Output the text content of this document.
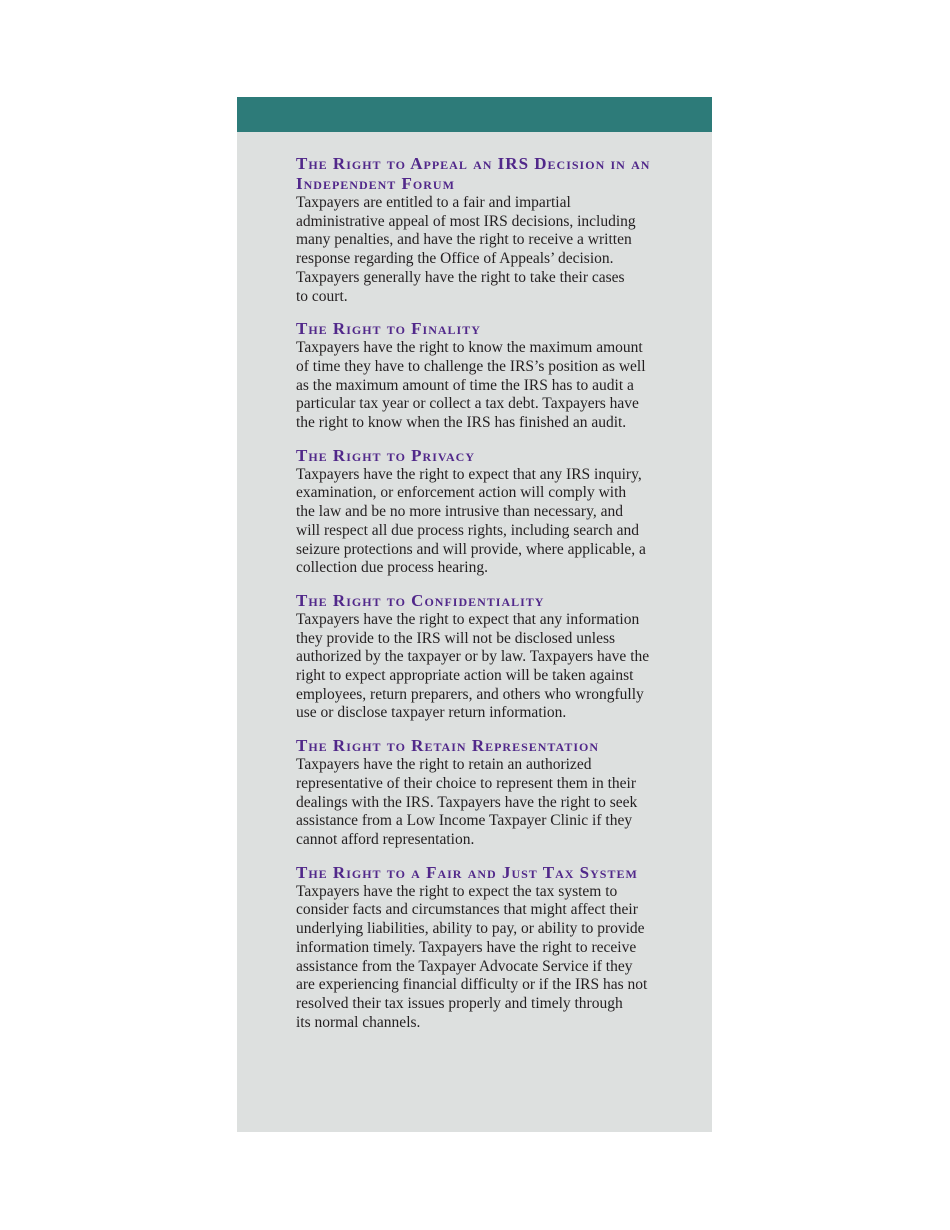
The Right to Appeal an IRS Decision in an Independent Forum

Taxpayers are entitled to a fair and impartial
administrative appeal of most IRS decisions, including
many penalties, and have the right to receive a written
response regarding the Office of Appeals’ decision.
Taxpayers generally have the right to take their cases
to court.

The Right to Finality

Taxpayers have the right to know the maximum amount
of time they have to challenge the IRS’s position as well
as the maximum amount of time the IRS has to audit a
particular tax year or collect a tax debt. Taxpayers have
the right to know when the IRS has finished an audit.

The Right to Privacy

Taxpayers have the right to expect that any IRS inquiry,
examination, or enforcement action will comply with
the law and be no more intrusive than necessary, and
will respect all due process rights, including search and
seizure protections and will provide, where applicable, a
collection due process hearing.

The Right to Confidentiality

Taxpayers have the right to expect that any information
they provide to the IRS will not be disclosed unless
authorized by the taxpayer or by law. Taxpayers have the
right to expect appropriate action will be taken against
employees, return preparers, and others who wrongfully
use or disclose taxpayer return information.

The Right to Retain Representation

Taxpayers have the right to retain an authorized
representative of their choice to represent them in their
dealings with the IRS. Taxpayers have the right to seek
assistance from a Low Income Taxpayer Clinic if they
cannot afford representation.

The Right to a Fair and Just Tax System

Taxpayers have the right to expect the tax system to
consider facts and circumstances that might affect their
underlying liabilities, ability to pay, or ability to provide
information timely. Taxpayers have the right to receive
assistance from the Taxpayer Advocate Service if they
are experiencing financial difficulty or if the IRS has not
resolved their tax issues properly and timely through
its normal channels.
